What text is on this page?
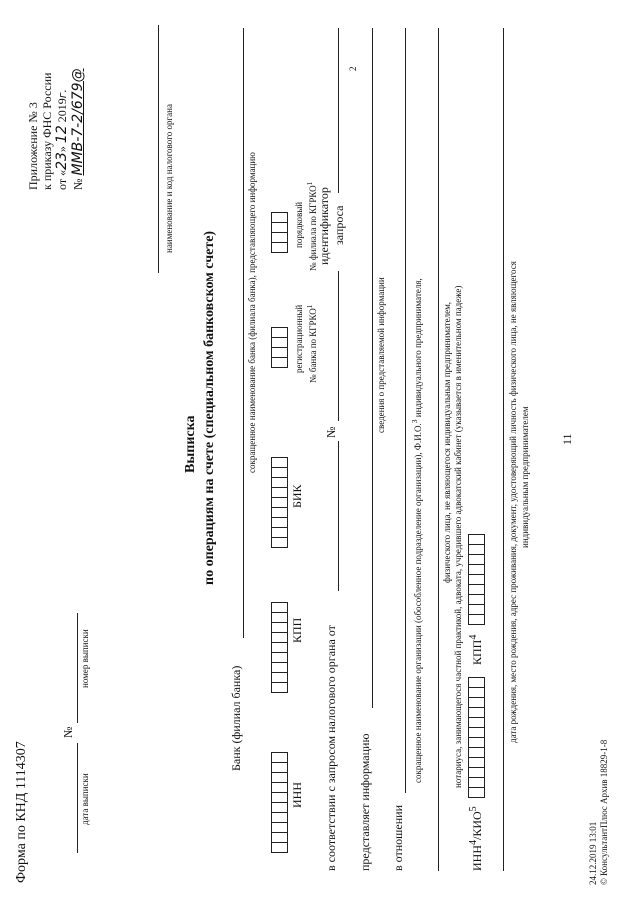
Форма по КНД 1114307
№
дата выписки
номер выписки
Выписка по операциям на счете (специальном банковском счете)
Банк (филиал банка)
сокращенное наименование банка (филиала банка), представляющего информацию
ИНН
КПП
БИК
регистрационный № банка по КГРКО$^1$
порядковый № филиала по КГРКО$^1$
в соответствии с запросом налогового органа от
№
идентификатор запроса
2
представляет информацию
сведения о представляемой информации
в отношении
сокращенное наименование организации (обособленное подразделение организации), Ф.И.О.$^3$ индивидуального предпринимателя, физического лица, не являющегося индивидуальным предпринимателем, нотариуса, занимающегося частной практикой, адвоката, учредившего адвокатский кабинет (указывается в именительном падеже)
ИНН$^4$/КИО$^5$
КПП$^4$	дата рождения, место рождения, адрес проживания, документ, удостоверяющий личность физического лица, не являющегося индивидуальным предпринимателем	11
24.12.2019 13:01 © КонсультантПлюс Архив 18829-1-8
Приложение № 3 к приказу ФНС России от «23» 12 2019г.
№ ММВ-7-2/679@	наименование и код налогового органа
